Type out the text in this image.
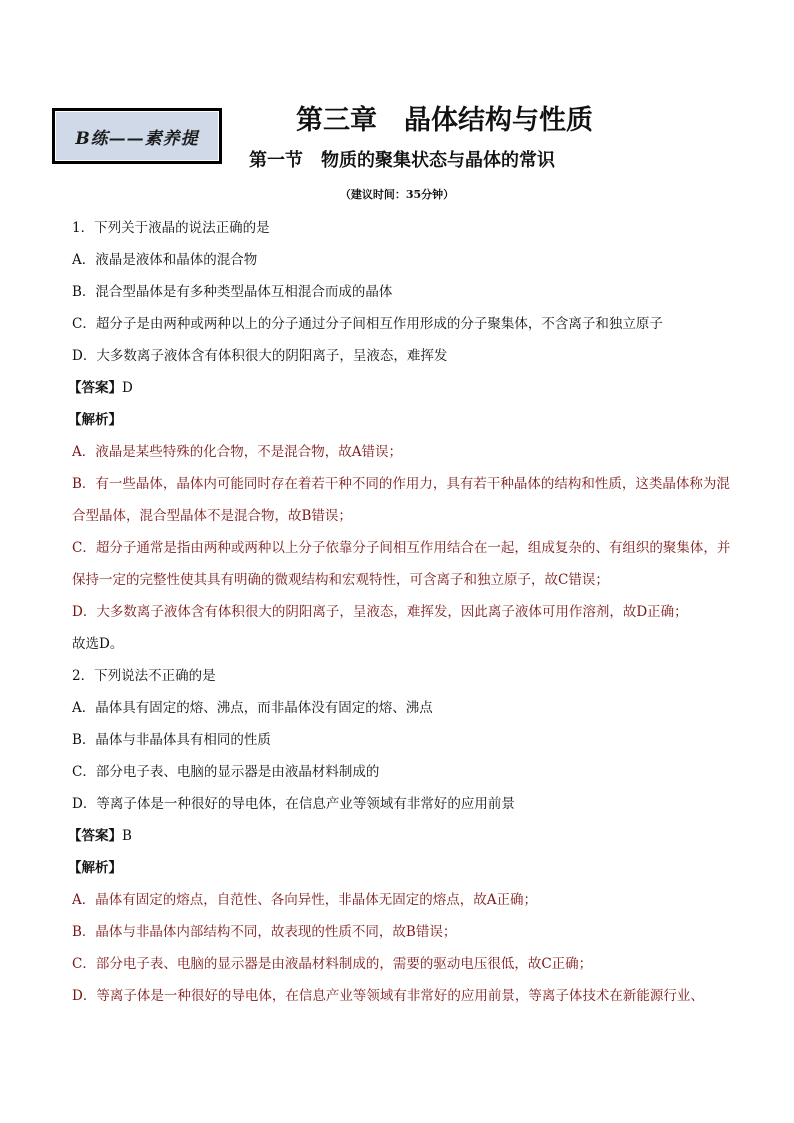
B练——素养提
第三章　晶体结构与性质
第一节　物质的聚集状态与晶体的常识
（建议时间：35分钟）
1．下列关于液晶的说法正确的是
A．液晶是液体和晶体的混合物
B．混合型晶体是有多种类型晶体互相混合而成的晶体
C．超分子是由两种或两种以上的分子通过分子间相互作用形成的分子聚集体，不含离子和独立原子
D．大多数离子液体含有体积很大的阴阳离子，呈液态，难挥发
【答案】D
【解析】
A．液晶是某些特殊的化合物，不是混合物，故A错误；
B．有一些晶体，晶体内可能同时存在着若干种不同的作用力，具有若干种晶体的结构和性质，这类晶体称为混合型晶体，混合型晶体不是混合物，故B错误；
C．超分子通常是指由两种或两种以上分子依靠分子间相互作用结合在一起，组成复杂的、有组织的聚集体，并保持一定的完整性使其具有明确的微观结构和宏观特性，可含离子和独立原子，故C错误；
D．大多数离子液体含有体积很大的阴阳离子，呈液态，难挥发，因此离子液体可用作溶剂，故D正确；
故选D。
2．下列说法不正确的是
A．晶体具有固定的熔、沸点，而非晶体没有固定的熔、沸点
B．晶体与非晶体具有相同的性质
C．部分电子表、电脑的显示器是由液晶材料制成的
D．等离子体是一种很好的导电体，在信息产业等领域有非常好的应用前景
【答案】B
【解析】
A．晶体有固定的熔点，自范性、各向异性，非晶体无固定的熔点，故A正确；
B．晶体与非晶体内部结构不同，故表现的性质不同，故B错误；
C．部分电子表、电脑的显示器是由液晶材料制成的，需要的驱动电压很低，故C正确；
D．等离子体是一种很好的导电体，在信息产业等领域有非常好的应用前景，等离子体技术在新能源行业、
